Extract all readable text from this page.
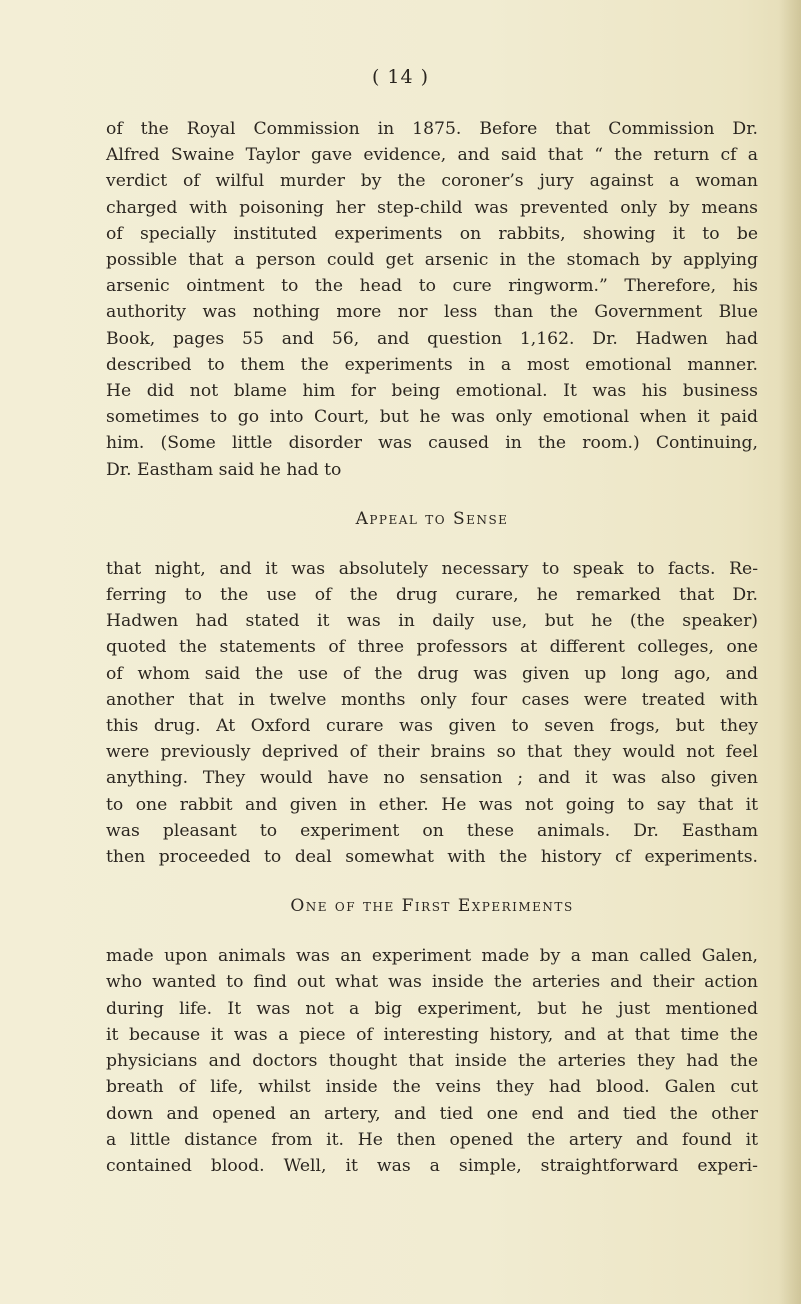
( 14 )
of the Royal Commission in 1875. Before that Commission Dr.
Alfred Swaine Taylor gave evidence, and said that “ the return cf a
verdict of wilful murder by the coroner’s jury against a woman
charged with poisoning her step-child was prevented only by means
of specially instituted experiments on rabbits, showing it to be
possible that a person could get arsenic in the stomach by applying
arsenic ointment to the head to cure ringworm.” Therefore, his
authority was nothing more nor less than the Government Blue
Book, pages 55 and 56, and question 1,162. Dr. Hadwen had
described to them the experiments in a most emotional manner.
He did not blame him for being emotional. It was his business
sometimes to go into Court, but he was only emotional when it paid
him. (Some little disorder was caused in the room.) Continuing,
Dr. Eastham said he had to
Appeal to Sense
that night, and it was absolutely necessary to speak to facts. Re-
ferring to the use of the drug curare, he remarked that Dr.
Hadwen had stated it was in daily use, but he (the speaker)
quoted the statements of three professors at different colleges, one
of whom said the use of the drug was given up long ago, and
another that in twelve months only four cases were treated with
this drug. At Oxford curare was given to seven frogs, but they
were previously deprived of their brains so that they would not feel
anything. They would have no sensation ; and it was also given
to one rabbit and given in ether. He was not going to say that it
was pleasant to experiment on these animals. Dr. Eastham
then proceeded to deal somewhat with the history cf experiments.
One of the First Experiments
made upon animals was an experiment made by a man called Galen,
who wanted to find out what was inside the arteries and their action
during life. It was not a big experiment, but he just mentioned
it because it was a piece of interesting history, and at that time the
physicians and doctors thought that inside the arteries they had the
breath of life, whilst inside the veins they had blood. Galen cut
down and opened an artery, and tied one end and tied the other
a little distance from it. He then opened the artery and found it
contained blood. Well, it was a simple, straightforward experi-
